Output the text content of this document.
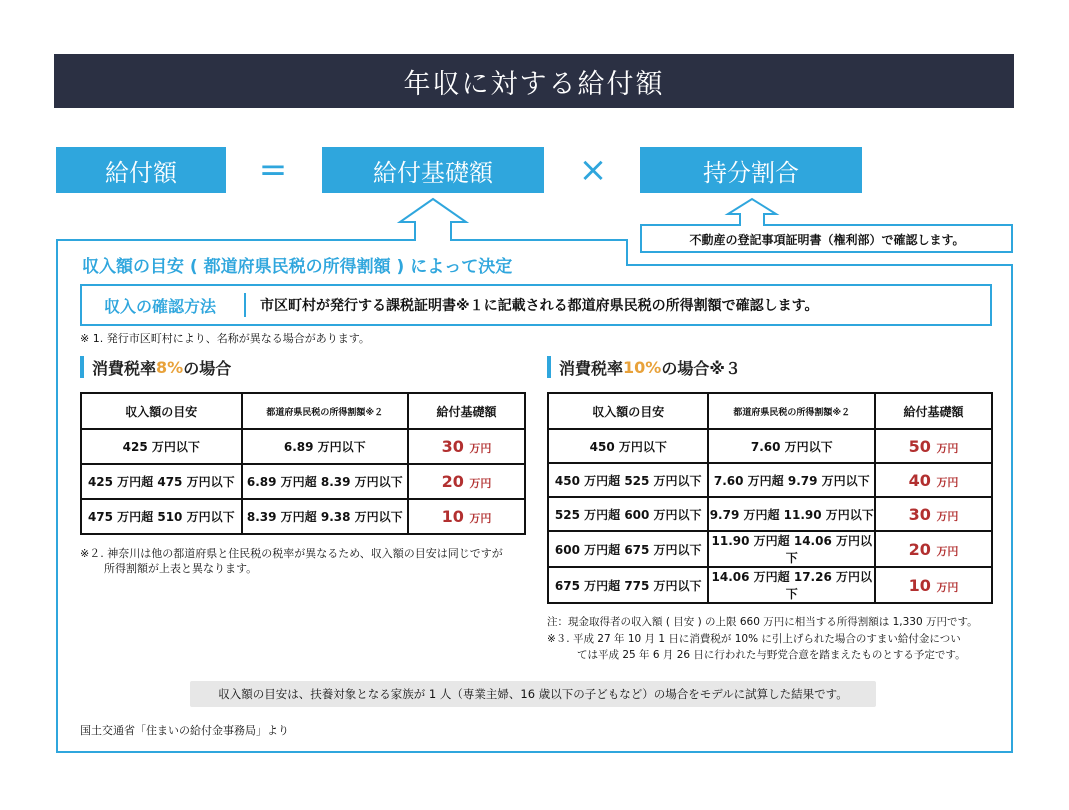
年収に対する給付額
給付額	=	給付基礎額	×	持分割合
不動産の登記事項証明書（権利部）で確認します。
収入額の目安 ( 都道府県民税の所得割額 ) によって決定
収入の確認方法	市区町村が発行する課税証明書※１に記載される都道府県民税の所得割額で確認します。
※ 1. 発行市区町村により、名称が異なる場合があります。
消費税率 8% の場合	消費税率 10% の場合※３
収入額の目安	都道府県民税の所得割額※２	給付基礎額
425 万円以下	6.89 万円以下	30 万円
425 万円超 475 万円以下	6.89 万円超 8.39 万円以下	20 万円
475 万円超 510 万円以下	8.39 万円超 9.38 万円以下	10 万円
※２. 神奈川は他の都道府県と住民税の税率が異なるため、収入額の目安は同じですが
所得割額が上表と異なります。
収入額の目安	都道府県民税の所得割額※２	給付基礎額
450 万円以下	7.60 万円以下	50 万円
450 万円超 525 万円以下	7.60 万円超 9.79 万円以下	40 万円
525 万円超 600 万円以下	9.79 万円超 11.90 万円以下	30 万円
600 万円超 675 万円以下	11.90 万円超 14.06 万円以下	20 万円
675 万円超 775 万円以下	14.06 万円超 17.26 万円以下	10 万円
注：現金取得者の収入額 ( 目安 ) の上限 660 万円に相当する所得割額は 1,330 万円です。
※３. 平成 27 年 10 月 1 日に消費税が 10% に引上げられた場合のすまい給付金につい
ては平成 25 年 6 月 26 日に行われた与野党合意を踏まえたものとする予定です。
収入額の目安は、扶養対象となる家族が 1 人（専業主婦、16 歳以下の子どもなど）の場合をモデルに試算した結果です。
国土交通省「住まいの給付金事務局」より
